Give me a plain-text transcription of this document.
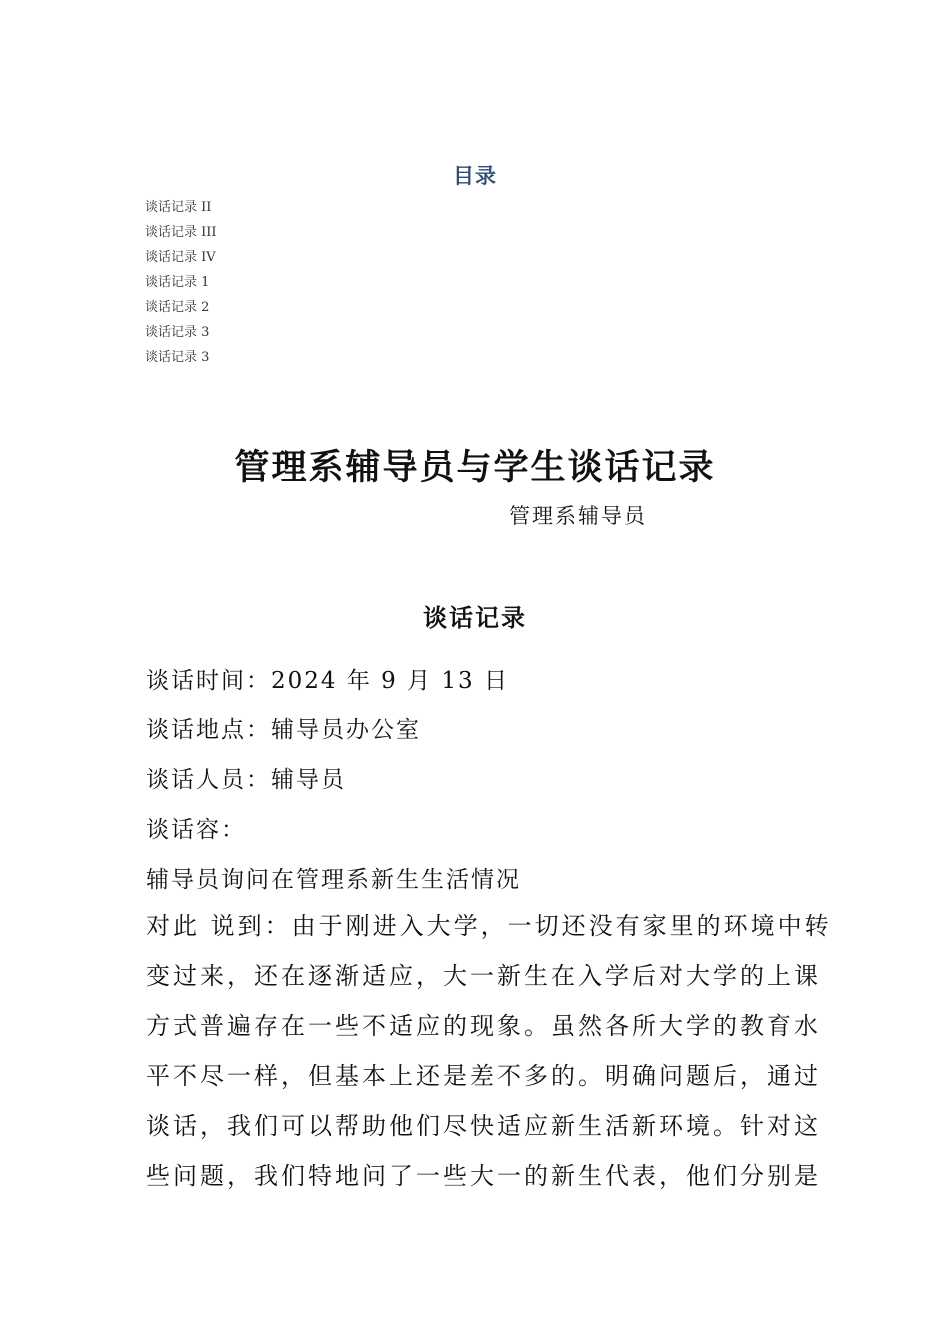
目录
谈话记录 II
谈话记录 III
谈话记录 IV
谈话记录 1
谈话记录 2
谈话记录 3
谈话记录 3
管理系辅导员与学生谈话记录
管理系辅导员
谈话记录
谈话时间：2024 年 9 月 13 日
谈话地点：辅导员办公室
谈话人员：辅导员
谈话容：
辅导员询问在管理系新生生活情况
对此 说到：由于刚进入大学，一切还没有家里的环境中转
变过来，还在逐渐适应，大一新生在入学后对大学的上课
方式普遍存在一些不适应的现象。虽然各所大学的教育水
平不尽一样，但基本上还是差不多的。明确问题后，通过
谈话，我们可以帮助他们尽快适应新生活新环境。针对这
些问题，我们特地问了一些大一的新生代表，他们分别是
